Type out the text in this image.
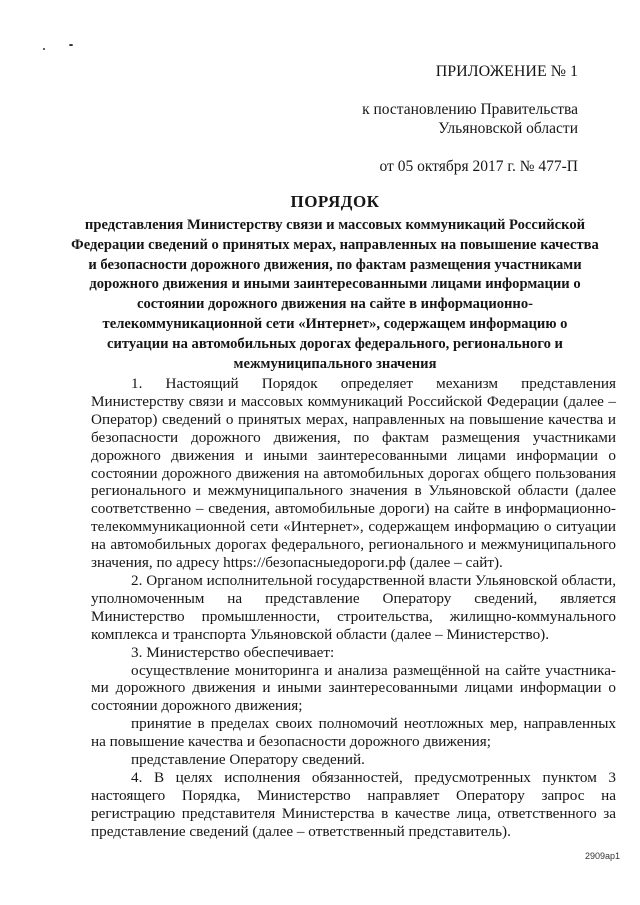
ПРИЛОЖЕНИЕ № 1
к постановлению Правительства
Ульяновской области
от 05 октября 2017 г. № 477-П
ПОРЯДОК
представления Министерству связи и массовых коммуникаций Российской Федерации сведений о принятых мерах, направленных на повышение качества и безопасности дорожного движения, по фактам размещения участниками дорожного движения и иными заинтересованными лицами информации о состоянии дорожного движения на сайте в информационно-телекоммуникационной сети «Интернет», содержащем информацию о ситуации на автомобильных дорогах федерального, регионального и межмуниципального значения

1. Настоящий Порядок определяет механизм представления Министерству связи и массовых коммуникаций Российской Федерации (далее – Оператор) сведений о принятых мерах, направленных на повышение качества и безопасности дорожного движения, по фактам размещения участниками дорожного движения и иными заинтересованными лицами информации о состоянии дорожного движения на автомобильных дорогах общего пользования регионального и межмуниципального значения в Ульяновской области (далее соответственно – сведения, автомобильные дороги) на сайте в информационно-телекоммуникационной сети «Интернет», содержащем информацию о ситуации на автомобильных дорогах федерального, регионального и межмуниципального значения, по адресу https://безопасныедороги.рф (далее – сайт).

2. Органом исполнительной государственной власти Ульяновской области, уполномоченным на представление Оператору сведений, является Министерство промышленности, строительства, жилищно-коммунального комплекса и транспорта Ульяновской области (далее – Министерство).

3. Министерство обеспечивает:

осуществление мониторинга и анализа размещённой на сайте участника-ми дорожного движения и иными заинтересованными лицами информации о состоянии дорожного движения;

принятие в пределах своих полномочий неотложных мер, направленных на повышение качества и безопасности дорожного движения;

представление Оператору сведений.

4. В целях исполнения обязанностей, предусмотренных пунктом 3 настоящего Порядка, Министерство направляет Оператору запрос на регистрацию представителя Министерства в качестве лица, ответственного за представление сведений (далее – ответственный представитель).

2909ар1
